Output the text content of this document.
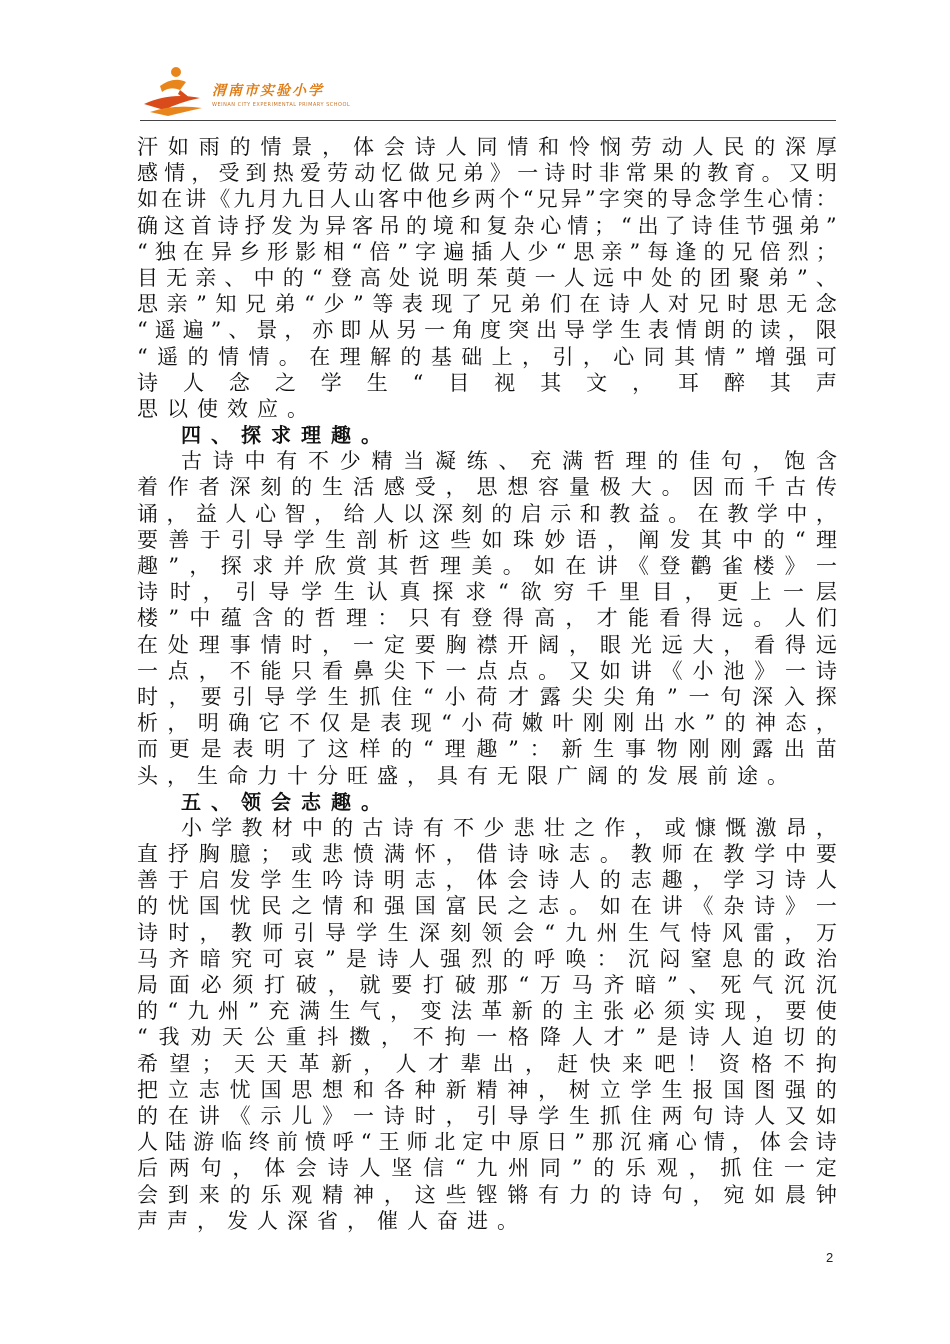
渭南市实验小学
WEINAN CITY EXPERIMENTAL PRIMARY SCHOOL
汗 如 雨 的 情 景 ， 体 会 诗 人 同 情 和 怜 悯 劳 动 人 民 的 深 厚
感 情 ， 受 到 热 爱 劳 动 忆 做 兄 弟 》 一 诗 时 非 常 果 的 教 育 。 又 明
如 在 讲 《 九 月 九 日 人 山 客 中 他 乡 两 个 “ 兄 异 ” 字 突 的 导 念 学 生 心 情 ：
确 这 首 诗 抒 发 为 异 客 吊 的 境 和 复 杂 心 情 ； “ 出 了 诗 佳 节 强 弟 ”
“ 独 在 异 乡 形 影 相 “ 倍 ” 字 遍 插 人 少 “ 思 亲 ” 每 逢 的 兄 倍 烈 ；
目 无 亲 、 中 的 “ 登 高 处 说 明 茱 萸 一 人 远 中 处 的 团 聚 弟 ” 、
思 亲 ” 知 兄 弟 “ 少 ” 等 表 现 了 兄 弟 们 在 诗 人 对 兄 时 思 无 念
“ 遥 遍 ” 、 景 ， 亦 即 从 另 一 角 度 突 出 导 学 生 表 情 朗 的 读 ， 限
“ 遥 的 情 情 。 在 理 解 的 基 础 上 ， 引 ， 心 同 其 情 ” 增 强 可
诗 人 念 之 学 生 “ 目 视 其 文 ， 耳 醉 其 声
思以使效应。
四、探求理趣。
古 诗 中 有 不 少 精 当 凝 练 、 充 满 哲 理 的 佳 句 ， 饱 含
着 作 者 深 刻 的 生 活 感 受 ， 思 想 容 量 极 大 。 因 而 千 古 传
诵 ， 益 人 心 智 ， 给 人 以 深 刻 的 启 示 和 教 益 。 在 教 学 中 ，
要 善 于 引 导 学 生 剖 析 这 些 如 珠 妙 语 ， 阐 发 其 中 的 “ 理
趣 ” ， 探 求 并 欣 赏 其 哲 理 美 。 如 在 讲 《 登 鹳 雀 楼 》 一
诗 时 ， 引 导 学 生 认 真 探 求 “ 欲 穷 千 里 目 ， 更 上 一 层
楼 ” 中 蕴 含 的 哲 理 ： 只 有 登 得 高 ， 才 能 看 得 远 。 人 们
在 处 理 事 情 时 ， 一 定 要 胸 襟 开 阔 ， 眼 光 远 大 ， 看 得 远
一 点 ， 不 能 只 看 鼻 尖 下 一 点 点 。 又 如 讲 《 小 池 》 一 诗
时 ， 要 引 导 学 生 抓 住 “ 小 荷 才 露 尖 尖 角 ” 一 句 深 入 探
析 ， 明 确 它 不 仅 是 表 现 “ 小 荷 嫩 叶 刚 刚 出 水 ” 的 神 态 ，
而 更 是 表 明 了 这 样 的 “ 理 趣 ” ： 新 生 事 物 刚 刚 露 出 苗
头，生命力十分旺盛，具有无限广阔的发展前途。
五、领会志趣。
小 学 教 材 中 的 古 诗 有 不 少 悲 壮 之 作 ， 或 慷 慨 激 昂 ，
直 抒 胸 臆 ； 或 悲 愤 满 怀 ， 借 诗 咏 志 。 教 师 在 教 学 中 要
善 于 启 发 学 生 吟 诗 明 志 ， 体 会 诗 人 的 志 趣 ， 学 习 诗 人
的 忧 国 忧 民 之 情 和 强 国 富 民 之 志 。 如 在 讲 《 杂 诗 》 一
诗 时 ， 教 师 引 导 学 生 深 刻 领 会 “ 九 州 生 气 恃 风 雷 ， 万
马 齐 暗 究 可 哀 ” 是 诗 人 强 烈 的 呼 唤 ： 沉 闷 窒 息 的 政 治
局 面 必 须 打 破 ， 就 要 打 破 那 “ 万 马 齐 暗 ” 、 死 气 沉 沉
的 “ 九 州 ” 充 满 生 气 ， 变 法 革 新 的 主 张 必 须 实 现 ， 要 使
“ 我 劝 天 公 重 抖 擞 ， 不 拘 一 格 降 人 才 ” 是 诗 人 迫 切 的
希 望 ； 天 天 革 新 ， 人 才 辈 出 ， 赶 快 来 吧 ！ 资 格 不 拘
把 立 志 忧 国 思 想 和 各 种 新 精 神 ， 树 立 学 生 报 国 图 强 的
的 在 讲 《 示 儿 》 一 诗 时 ， 引 导 学 生 抓 住 两 句 诗 人 又 如
人 陆 游 临 终 前 愤 呼 “ 王 师 北 定 中 原 日 ” 那 沉 痛 心 情 ， 体 会 诗
后 两 句 ， 体 会 诗 人 坚 信 “ 九 州 同 ” 的 乐 观 ， 抓 住 一 定
会 到 来 的 乐 观 精 神 ， 这 些 铿 锵 有 力 的 诗 句 ， 宛 如 晨 钟
声声，发人深省，催人奋进。
2
